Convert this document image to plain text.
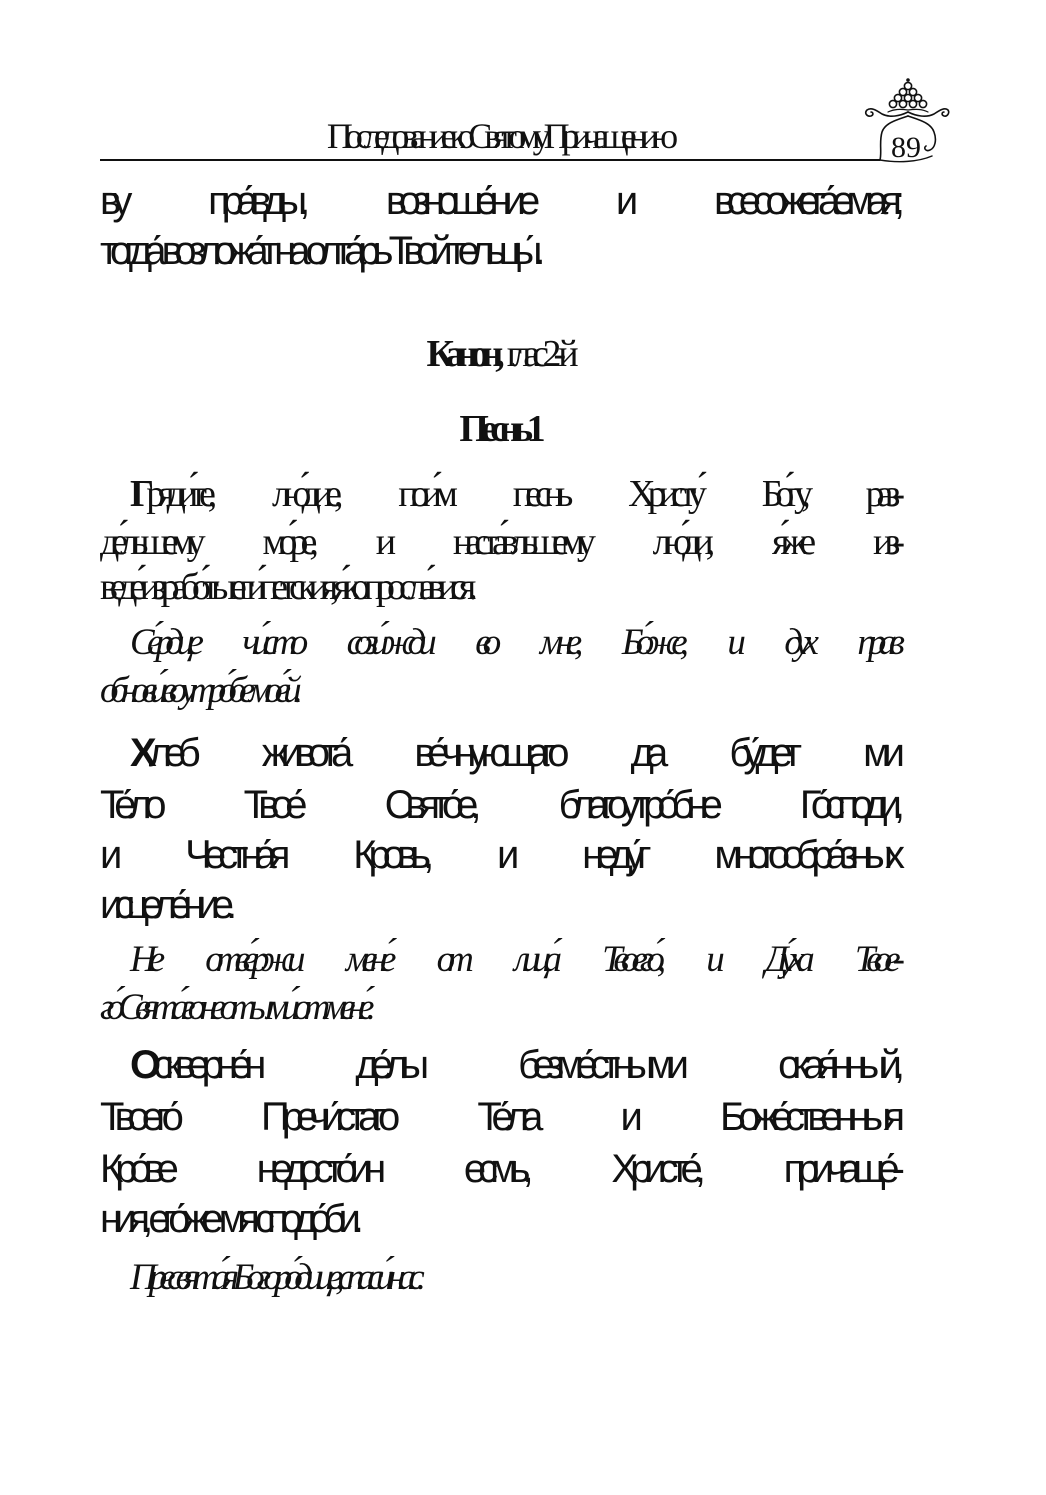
Последование ко Святому Причащению	89
ву пра́вды, возноше́ние и всесожега́емая;
тогда́ возложа́т на олта́рь Твой тельцы́.
Канон, глас 2-й
Песнь 1
Гряди́те, лю́дие, пои́м песнь Христу́ Бо́гу, раз-
де́льшему мо́ре, и наста́вльшему лю́ди, я́же из-
веде́ из рабо́ты еги́петския, я́ко просла́вися.
Се́рдце чи́сто сози́жди во мне, Бо́же, и дух прав
обнови́ во утро́бе мое́й.
Хлеб живота́ ве́чнующаго да бу́дет ми
Те́ло Твое́ Свято́е, благоутро́бне Го́споди,
и Честна́я Кровь, и неду́г многообра́зных
исцеле́ние.
Не отве́ржи мене́ от лица́ Твоего́, и Ду́ха Твое-
го́ Свята́го не отыми́ от мене́.
Оскверне́н де́лы безме́стными окая́нный,
Твоего́ Пречи́стаго Те́ла и Боже́ственныя
Кро́ве недосто́ин есмь, Христе́, причаще́-
ния, его́же мя сподо́би.
Пресвята́я Богоро́дице, спаси́ нас.
